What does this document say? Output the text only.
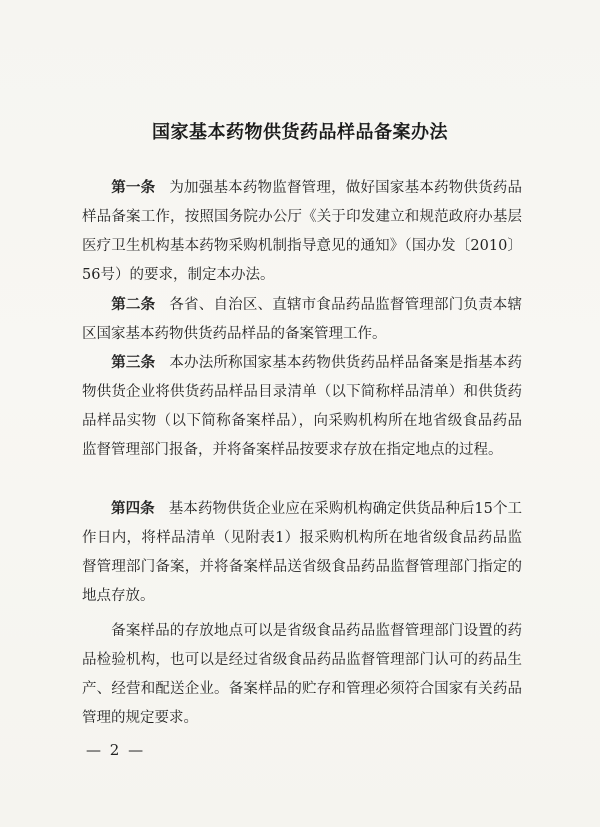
国家基本药物供货药品样品备案办法
第一条 为加强基本药物监督管理，做好国家基本药物供货药品样品备案工作，按照国务院办公厅《关于印发建立和规范政府办基层医疗卫生机构基本药物采购机制指导意见的通知》（国办发〔2010〕56号）的要求，制定本办法。
第二条 各省、自治区、直辖市食品药品监督管理部门负责本辖区国家基本药物供货药品样品的备案管理工作。
第三条 本办法所称国家基本药物供货药品样品备案是指基本药物供货企业将供货药品样品目录清单（以下简称样品清单）和供货药品样品实物（以下简称备案样品），向采购机构所在地省级食品药品监督管理部门报备，并将备案样品按要求存放在指定地点的过程。
第四条 基本药物供货企业应在采购机构确定供货品种后15个工作日内，将样品清单（见附表1）报采购机构所在地省级食品药品监督管理部门备案，并将备案样品送省级食品药品监督管理部门指定的地点存放。
备案样品的存放地点可以是省级食品药品监督管理部门设置的药品检验机构，也可以是经过省级食品药品监督管理部门认可的药品生产、经营和配送企业。备案样品的贮存和管理必须符合国家有关药品管理的规定要求。
— 2 —
